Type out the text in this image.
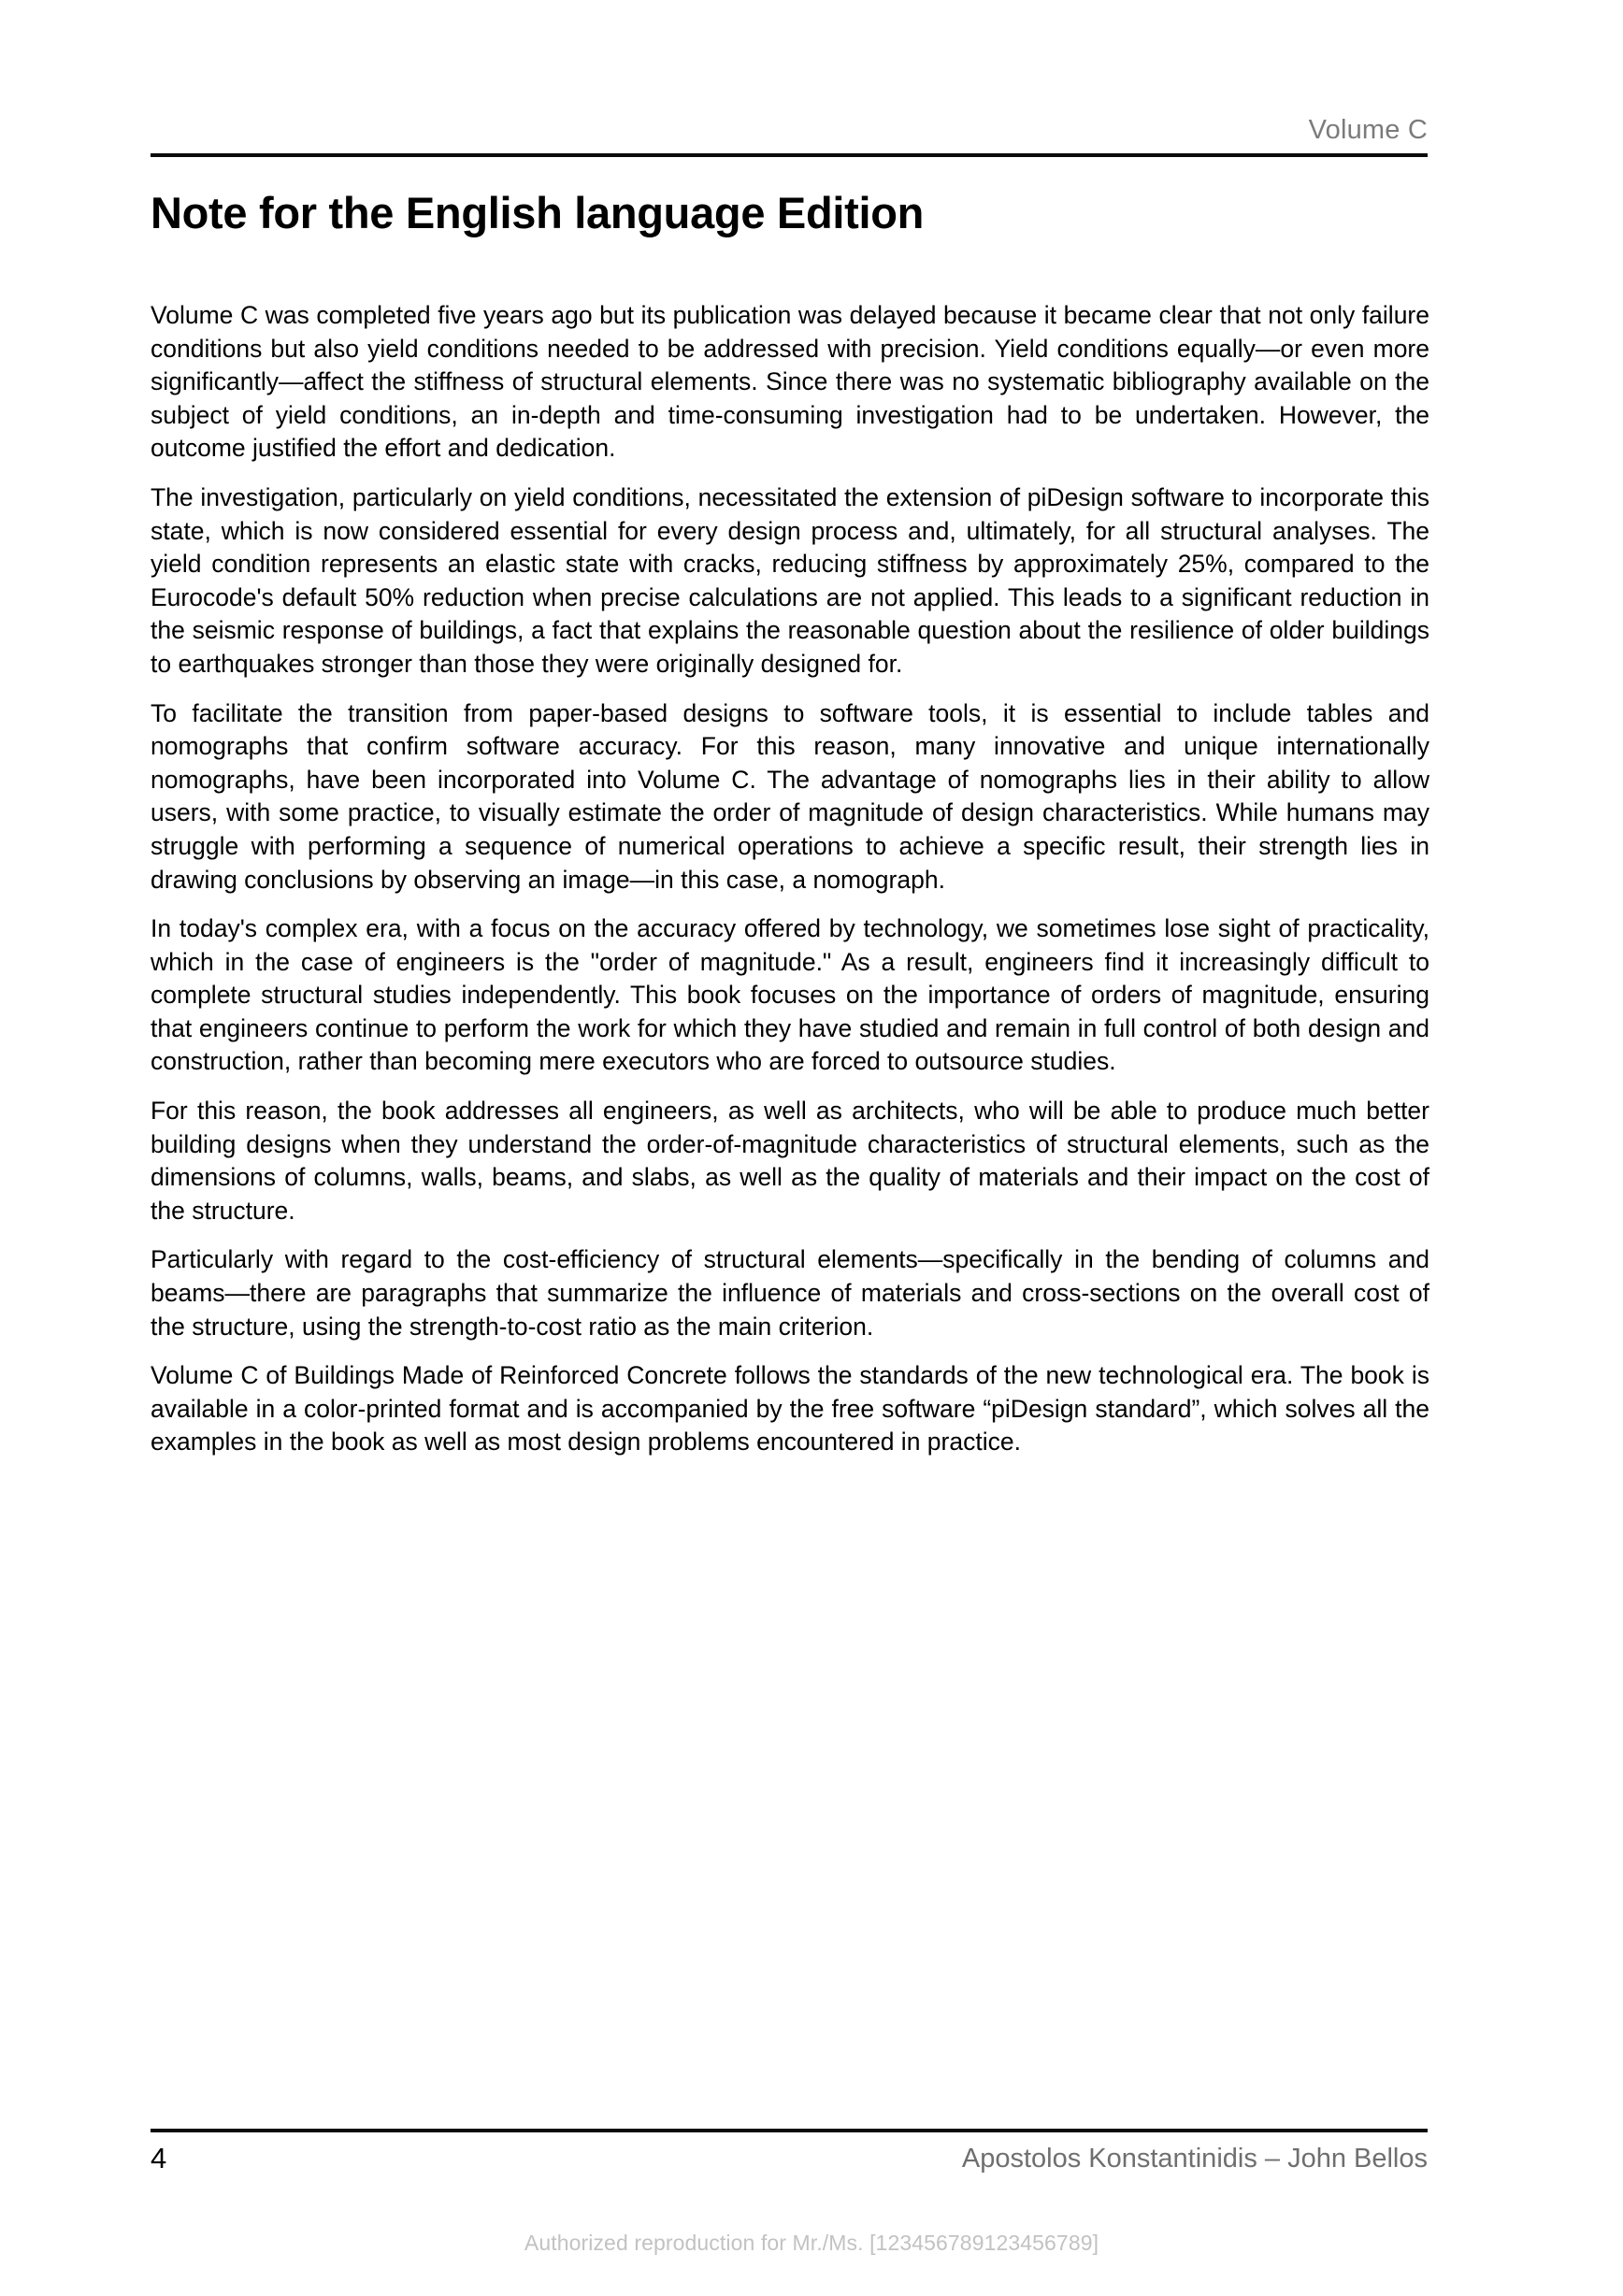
Volume C
Note for the English language Edition

Volume C was completed five years ago but its publication was delayed because it became clear that not only failure conditions but also yield conditions needed to be addressed with precision. Yield conditions equally—or even more significantly—affect the stiffness of structural elements. Since there was no systematic bibliography available on the subject of yield conditions, an in-depth and time-consuming investigation had to be undertaken. However, the outcome justified the effort and dedication.

The investigation, particularly on yield conditions, necessitated the extension of piDesign software to incorporate this state, which is now considered essential for every design process and, ultimately, for all structural analyses. The yield condition represents an elastic state with cracks, reducing stiffness by approximately 25%, compared to the Eurocode's default 50% reduction when precise calculations are not applied. This leads to a significant reduction in the seismic response of buildings, a fact that explains the reasonable question about the resilience of older buildings to earthquakes stronger than those they were originally designed for.

To facilitate the transition from paper-based designs to software tools, it is essential to include tables and nomographs that confirm software accuracy. For this reason, many innovative and unique internationally nomographs, have been incorporated into Volume C. The advantage of nomographs lies in their ability to allow users, with some practice, to visually estimate the order of magnitude of design characteristics. While humans may struggle with performing a sequence of numerical operations to achieve a specific result, their strength lies in drawing conclusions by observing an image—in this case, a nomograph.

In today's complex era, with a focus on the accuracy offered by technology, we sometimes lose sight of practicality, which in the case of engineers is the "order of magnitude." As a result, engineers find it increasingly difficult to complete structural studies independently. This book focuses on the importance of orders of magnitude, ensuring that engineers continue to perform the work for which they have studied and remain in full control of both design and construction, rather than becoming mere executors who are forced to outsource studies.

For this reason, the book addresses all engineers, as well as architects, who will be able to produce much better building designs when they understand the order-of-magnitude characteristics of structural elements, such as the dimensions of columns, walls, beams, and slabs, as well as the quality of materials and their impact on the cost of the structure.

Particularly with regard to the cost-efficiency of structural elements—specifically in the bending of columns and beams—there are paragraphs that summarize the influence of materials and cross-sections on the overall cost of the structure, using the strength-to-cost ratio as the main criterion.

Volume C of Buildings Made of Reinforced Concrete follows the standards of the new technological era. The book is available in a color-printed format and is accompanied by the free software “piDesign standard”, which solves all the examples in the book as well as most design problems encountered in practice.

4	Apostolos Konstantinidis – John Bellos
Authorized reproduction for Mr./Ms. [123456789123456789]
